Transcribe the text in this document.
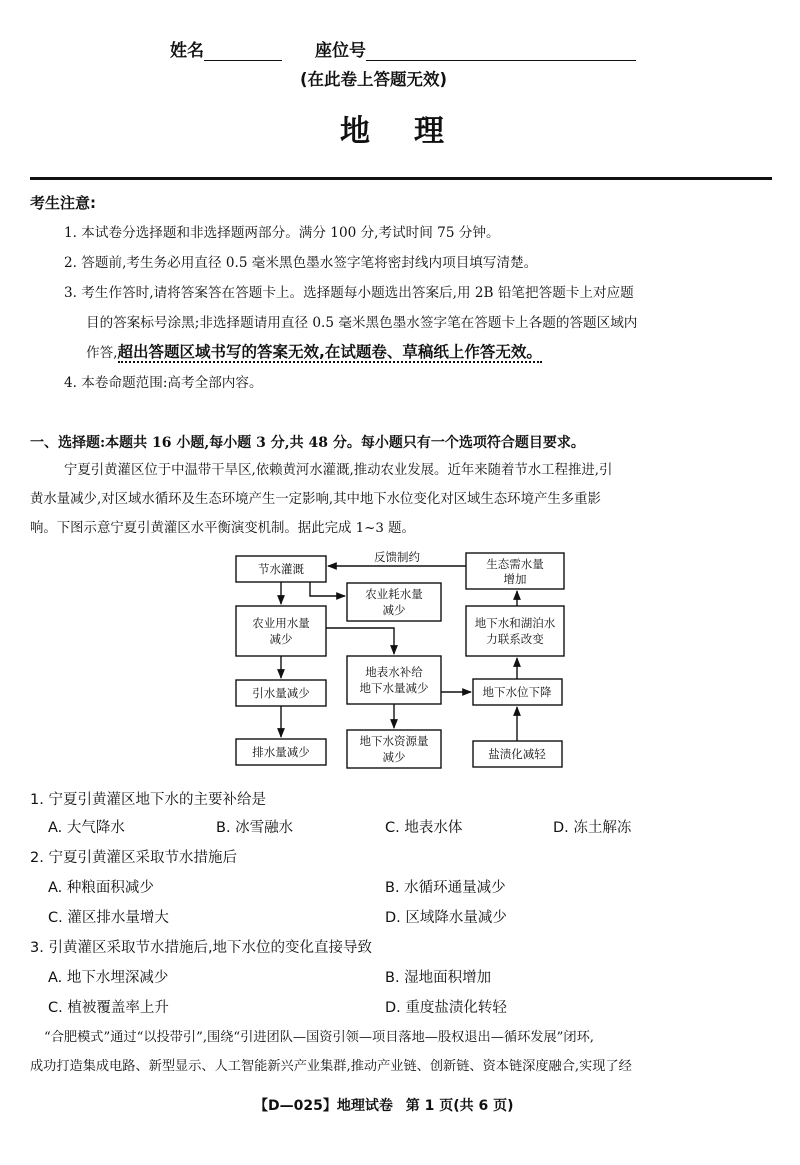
姓名	座位号
(在此卷上答题无效)
地理
考生注意:
1. 本试卷分选择题和非选择题两部分。满分 100 分,考试时间 75 分钟。
2. 答题前,考生务必用直径 0.5 毫米黑色墨水签字笔将密封线内项目填写清楚。
3. 考生作答时,请将答案答在答题卡上。选择题每小题选出答案后,用 2B 铅笔把答题卡上对应题
目的答案标号涂黑;非选择题请用直径 0.5 毫米黑色墨水签字笔在答题卡上各题的答题区域内
作答,超出答题区域书写的答案无效,在试题卷、草稿纸上作答无效。
4. 本卷命题范围:高考全部内容。
一、选择题:本题共 16 小题,每小题 3 分,共 48 分。每小题只有一个选项符合题目要求。
宁夏引黄灌区位于中温带干旱区,依赖黄河水灌溉,推动农业发展。近年来随着节水工程推进,引
黄水量减少,对区域水循环及生态环境产生一定影响,其中地下水位变化对区域生态环境产生多重影
响。下图示意宁夏引黄灌区水平衡演变机制。据此完成 1~3 题。
反馈制约
节水灌溉
农业耗水量
减少
农业用水量
减少
地表水补给
地下水量减少
引水量减少
排水量减少
地下水资源量
减少
生态需水量
增加
地下水和湖泊水
力联系改变
地下水位下降
盐渍化减轻
1. 宁夏引黄灌区地下水的主要补给是
A. 大气降水	B. 冰雪融水	C. 地表水体	D. 冻土解冻
2. 宁夏引黄灌区采取节水措施后
A. 种粮面积减少	B. 水循环通量减少
C. 灌区排水量增大	D. 区域降水量减少
3. 引黄灌区采取节水措施后,地下水位的变化直接导致
A. 地下水埋深减少	B. 湿地面积增加
C. 植被覆盖率上升	D. 重度盐渍化转轻
“合肥模式”通过“以投带引”,围绕“引进团队—国资引领—项目落地—股权退出—循环发展”闭环,
成功打造集成电路、新型显示、人工智能新兴产业集群,推动产业链、创新链、资本链深度融合,实现了经
【D—025】地理试卷 第 1 页(共 6 页)
